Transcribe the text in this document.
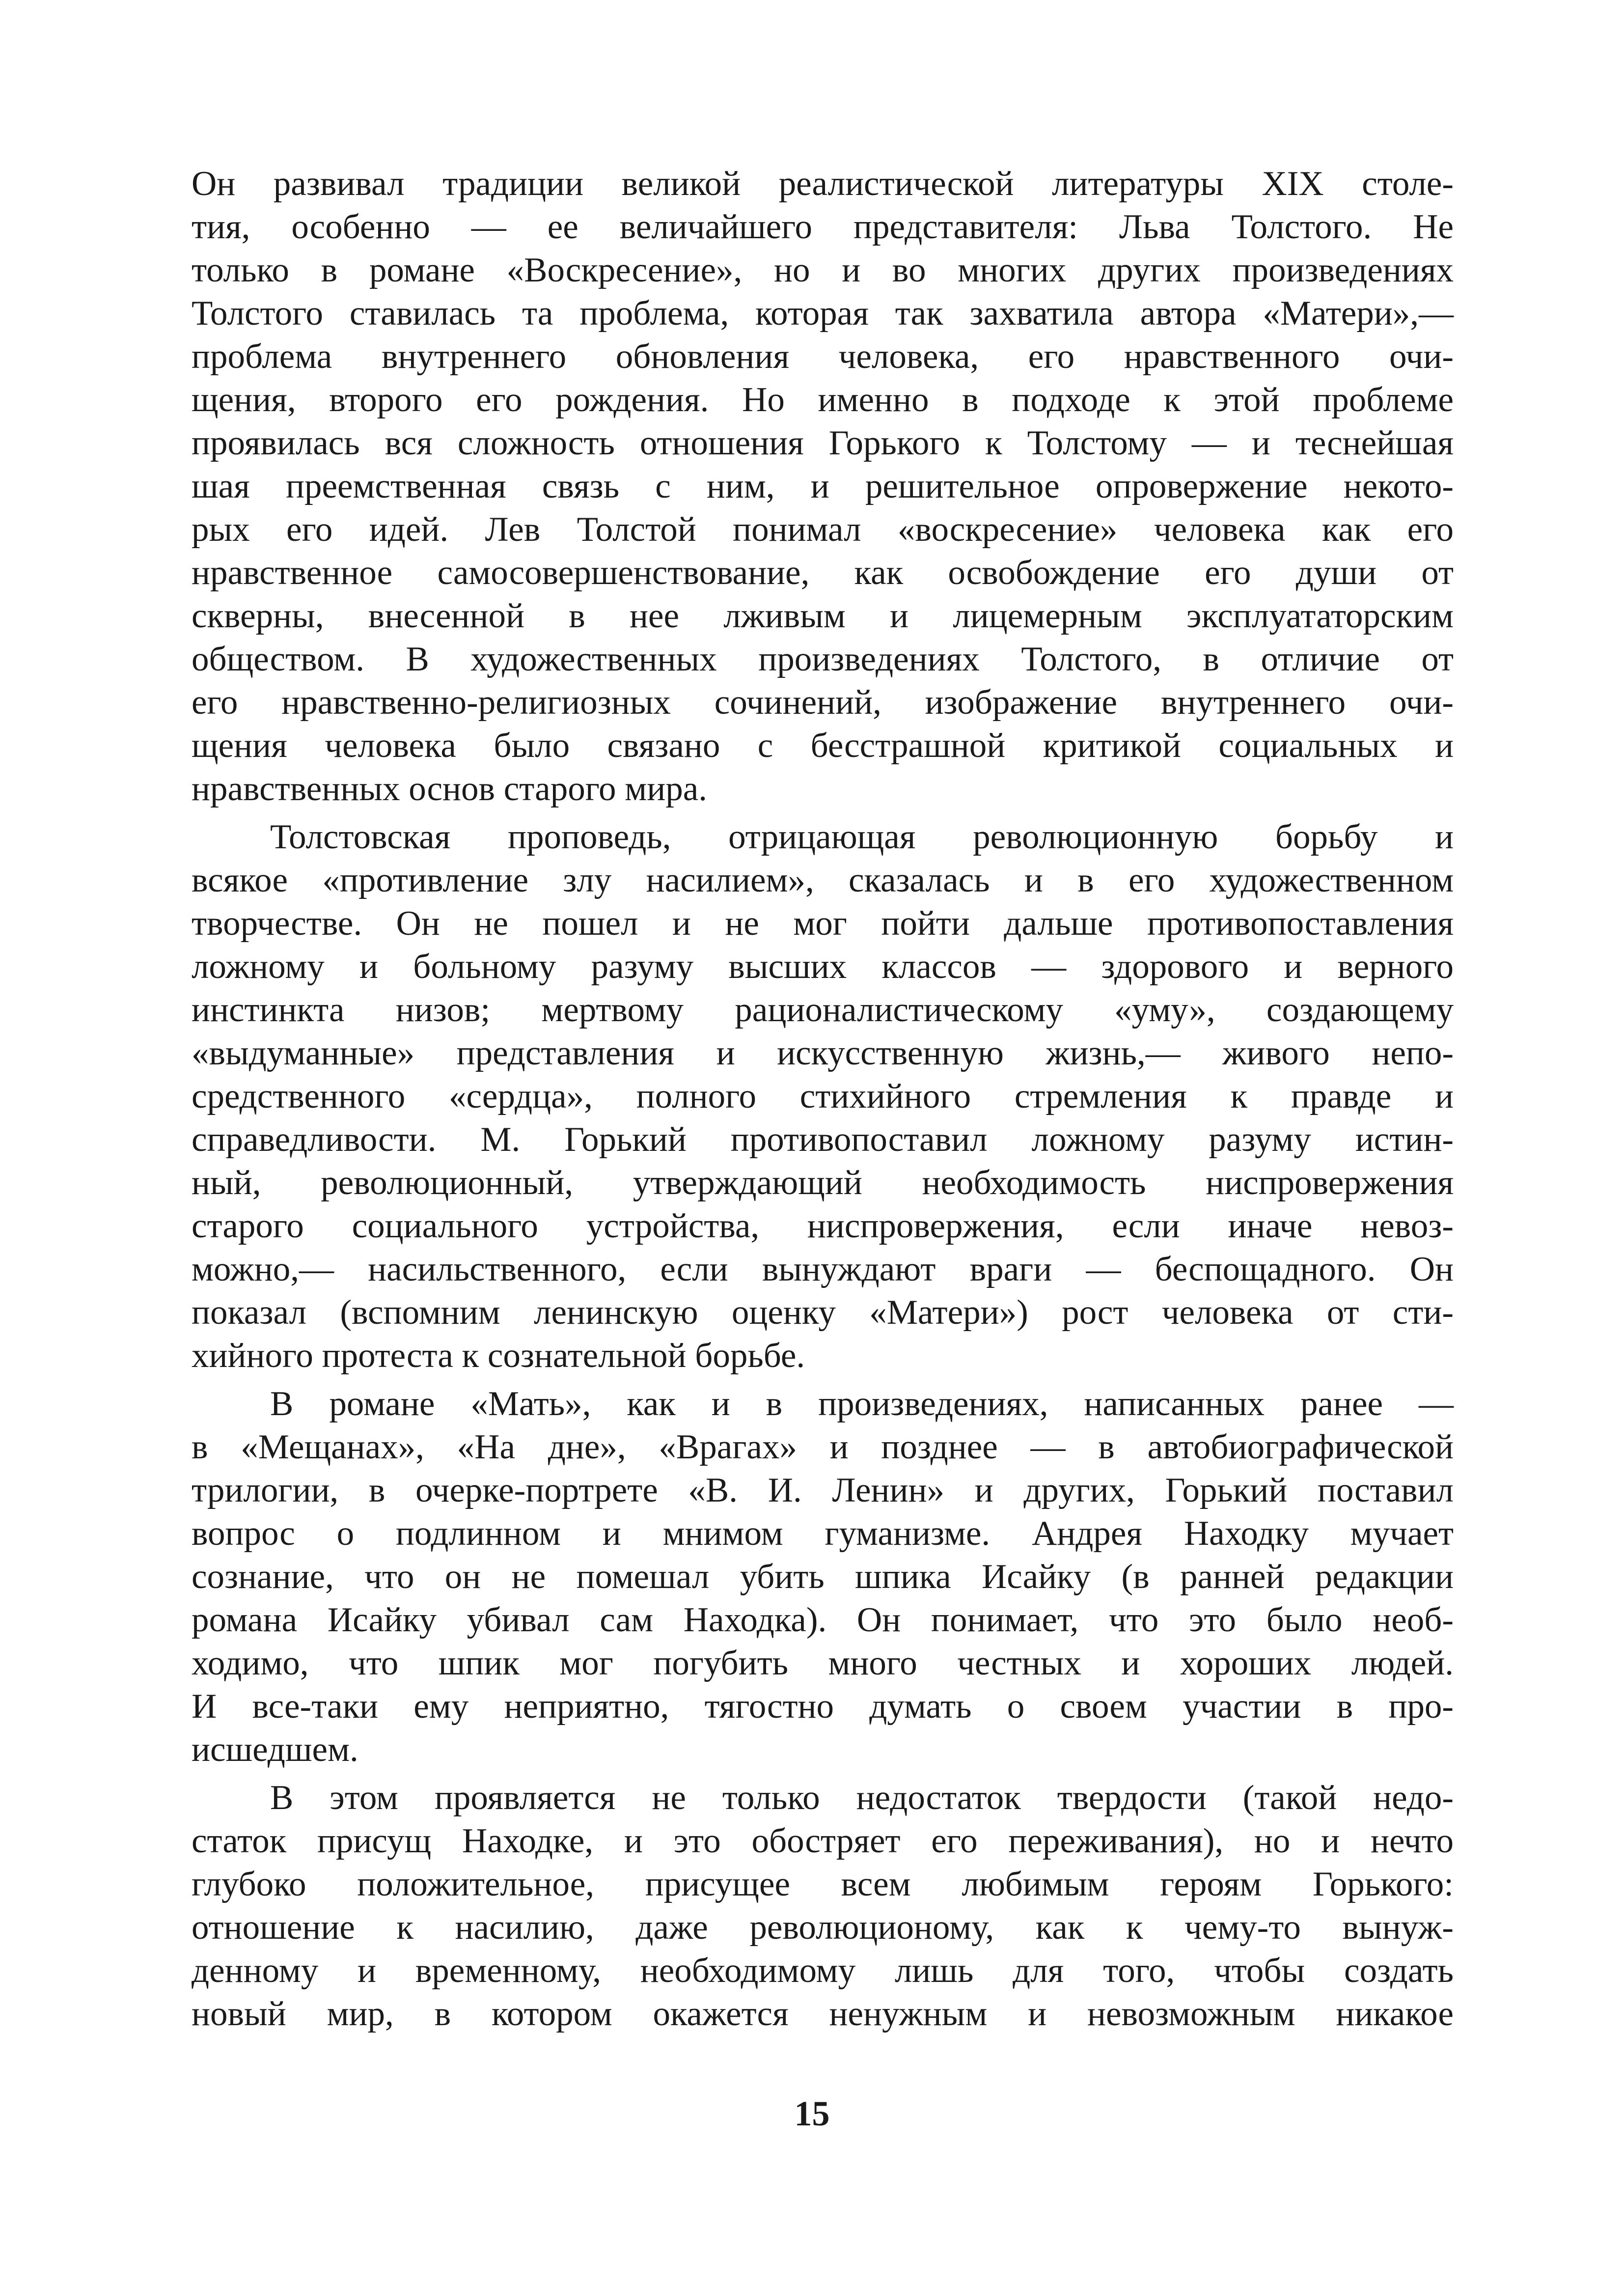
Он развивал традиции великой реалистической литературы XIX столе-
тия, особенно — ее величайшего представителя: Льва Толстого. Не
только в романе «Воскресение», но и во многих других произведениях
Толстого ставилась та проблема, которая так захватила автора «Матери»,—
проблема внутреннего обновления человека, его нравственного очи-
щения, второго его рождения. Но именно в подходе к этой проблеме
проявилась вся сложность отношения Горького к Толстому — и теснейшая
шая преемственная связь с ним, и решительное опровержение некото-
рых его идей. Лев Толстой понимал «воскресение» человека как его
нравственное самосовершенствование, как освобождение его души от
скверны, внесенной в нее лживым и лицемерным эксплуататорским
обществом. В художественных произведениях Толстого, в отличие от
его нравственно-религиозных сочинений, изображение внутреннего очи-
щения человека было связано с бесстрашной критикой социальных и
нравственных основ старого мира.
Толстовская проповедь, отрицающая революционную борьбу и
всякое «противление злу насилием», сказалась и в его художественном
творчестве. Он не пошел и не мог пойти дальше противопоставления
ложному и больному разуму высших классов — здорового и верного
инстинкта низов; мертвому рационалистическому «уму», создающему
«выдуманные» представления и искусственную жизнь,— живого непо-
средственного «сердца», полного стихийного стремления к правде и
справедливости. М. Горький противопоставил ложному разуму истин-
ный, революционный, утверждающий необходимость ниспровержения
старого социального устройства, ниспровержения, если иначе невоз-
можно,— насильственного, если вынуждают враги — беспощадного. Он
показал (вспомним ленинскую оценку «Матери») рост человека от сти-
хийного протеста к сознательной борьбе.
В романе «Мать», как и в произведениях, написанных ранее —
в «Мещанах», «На дне», «Врагах» и позднее — в автобиографической
трилогии, в очерке-портрете «В. И. Ленин» и других, Горький поставил
вопрос о подлинном и мнимом гуманизме. Андрея Находку мучает
сознание, что он не помешал убить шпика Исайку (в ранней редакции
романа Исайку убивал сам Находка). Он понимает, что это было необ-
ходимо, что шпик мог погубить много честных и хороших людей.
И все-таки ему неприятно, тягостно думать о своем участии в про-
исшедшем.
В этом проявляется не только недостаток твердости (такой недо-
статок присущ Находке, и это обостряет его переживания), но и нечто
глубоко положительное, присущее всем любимым героям Горького:
отношение к насилию, даже революционому, как к чему-то вынуж-
денному и временному, необходимому лишь для того, чтобы создать
новый мир, в котором окажется ненужным и невозможным никакое
15
